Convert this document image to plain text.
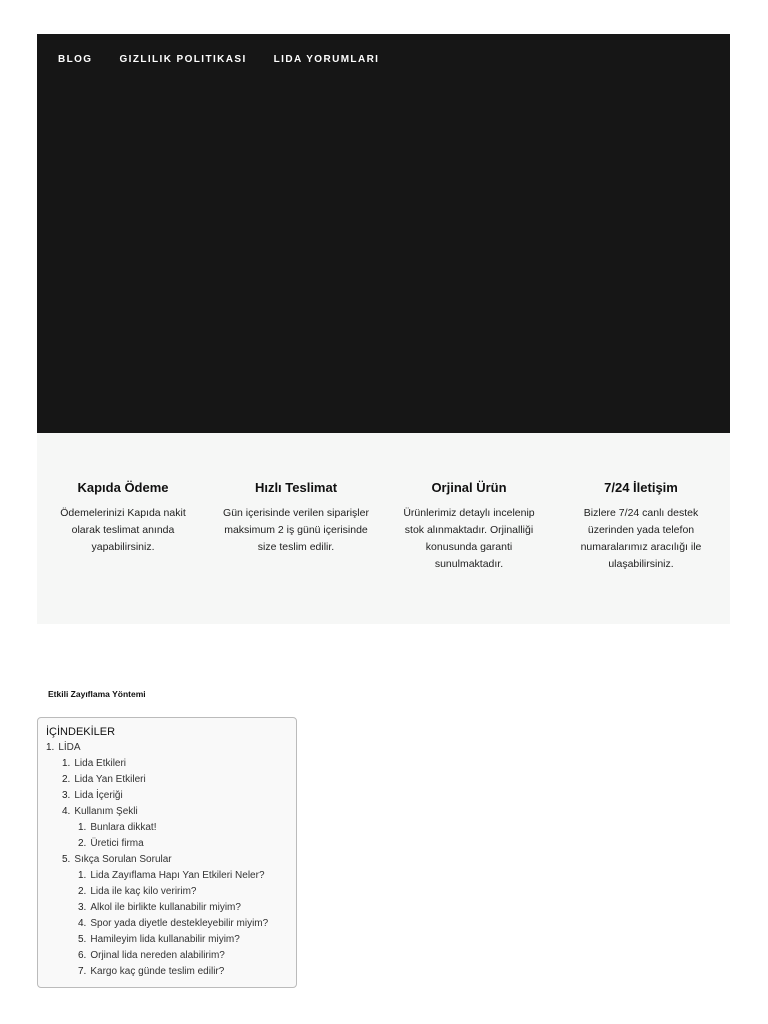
BLOG	GIZLILIK POLITIKASI	LIDA YORUMLARI
Kapıda Ödeme

Ödemelerinizi Kapıda nakit
olarak teslimat anında
yapabilirsiniz.

Hızlı Teslimat

Gün içerisinde verilen siparişler
maksimum 2 iş günü içerisinde
size teslim edilir.

Orjinal Ürün

Ürünlerimiz detaylı incelenip
stok alınmaktadır. Orjinalliği
konusunda garanti
sunulmaktadır.

7/24 İletişim

Bizlere 7/24 canlı destek
üzerinden yada telefon
numaralarımız aracılığı ile
ulaşabilirsiniz.

Etkili Zayıflama Yöntemi
İÇİNDEKİLER
1. LİDA
1. Lida Etkileri
2. Lida Yan Etkileri
3. Lida İçeriği
4. Kullanım Şekli
1. Bunlara dikkat!
2. Üretici firma
5. Sıkça Sorulan Sorular
1. Lida Zayıflama Hapı Yan Etkileri Neler?
2. Lida ile kaç kilo veririm?
3. Alkol ile birlikte kullanabilir miyim?
4. Spor yada diyetle destekleyebilir miyim?
5. Hamileyim lida kullanabilir miyim?
6. Orjinal lida nereden alabilirim?
7. Kargo kaç günde teslim edilir?
